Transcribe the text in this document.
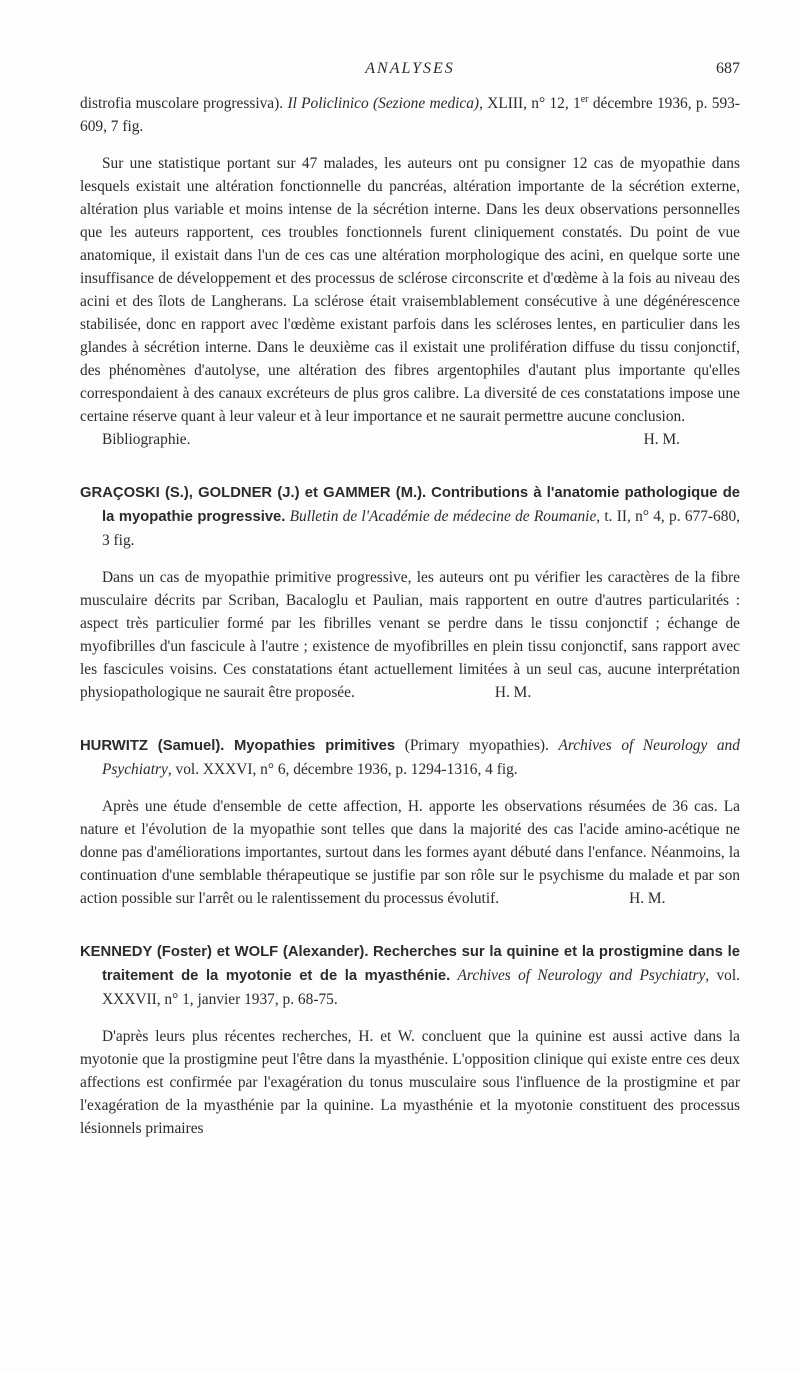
ANALYSES	687

distrofia muscolare progressiva). Il Policlinico (Sezione medica), XLIII, n° 12, 1er décembre 1936, p. 593-609, 7 fig.

Sur une statistique portant sur 47 malades, les auteurs ont pu consigner 12 cas de myopathie dans lesquels existait une altération fonctionnelle du pancréas, altération importante de la sécrétion externe, altération plus variable et moins intense de la sécrétion interne. Dans les deux observations personnelles que les auteurs rapportent, ces troubles fonctionnels furent cliniquement constatés. Du point de vue anatomique, il existait dans l'un de ces cas une altération morphologique des acini, en quelque sorte une insuffisance de développement et des processus de sclérose circonscrite et d'œdème à la fois au niveau des acini et des îlots de Langherans. La sclérose était vraisemblablement consécutive à une dégénérescence stabilisée, donc en rapport avec l'œdème existant parfois dans les scléroses lentes, en particulier dans les glandes à sécrétion interne. Dans le deuxième cas il existait une prolifération diffuse du tissu conjonctif, des phénomènes d'autolyse, une altération des fibres argentophiles d'autant plus importante qu'elles correspondaient à des canaux excréteurs de plus gros calibre. La diversité de ces constatations impose une certaine réserve quant à leur valeur et à leur importance et ne saurait permettre aucune conclusion.

Bibliographie.	H. M.

GRAÇOSKI (S.), GOLDNER (J.) et GAMMER (M.). Contributions à l'anatomie pathologique de la myopathie progressive. Bulletin de l'Académie de médecine de Roumanie, t. II, n° 4, p. 677-680, 3 fig.

Dans un cas de myopathie primitive progressive, les auteurs ont pu vérifier les caractères de la fibre musculaire décrits par Scriban, Bacaloglu et Paulian, mais rapportent en outre d'autres particularités : aspect très particulier formé par les fibrilles venant se perdre dans le tissu conjonctif ; échange de myofibrilles d'un fascicule à l'autre ; existence de myofibrilles en plein tissu conjonctif, sans rapport avec les fascicules voisins. Ces constatations étant actuellement limitées à un seul cas, aucune interprétation physiopathologique ne saurait être proposée.	H. M.

HURWITZ (Samuel). Myopathies primitives (Primary myopathies). Archives of Neurology and Psychiatry, vol. XXXVI, n° 6, décembre 1936, p. 1294-1316, 4 fig.

Après une étude d'ensemble de cette affection, H. apporte les observations résumées de 36 cas. La nature et l'évolution de la myopathie sont telles que dans la majorité des cas l'acide amino-acétique ne donne pas d'améliorations importantes, surtout dans les formes ayant débuté dans l'enfance. Néanmoins, la continuation d'une semblable thérapeutique se justifie par son rôle sur le psychisme du malade et par son action possible sur l'arrêt ou le ralentissement du processus évolutif.	H. M.

KENNEDY (Foster) et WOLF (Alexander). Recherches sur la quinine et la prostigmine dans le traitement de la myotonie et de la myasthénie. Archives of Neurology and Psychiatry, vol. XXXVII, n° 1, janvier 1937, p. 68-75.

D'après leurs plus récentes recherches, H. et W. concluent que la quinine est aussi active dans la myotonie que la prostigmine peut l'être dans la myasthénie. L'opposition clinique qui existe entre ces deux affections est confirmée par l'exagération du tonus musculaire sous l'influence de la prostigmine et par l'exagération de la myasthénie par la quinine. La myasthénie et la myotonie constituent des processus lésionnels primaires
